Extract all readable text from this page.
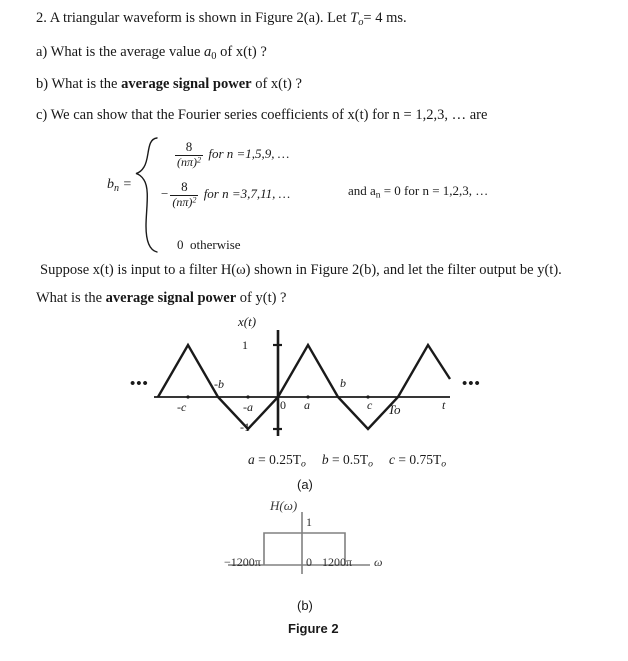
2. A triangular waveform is shown in Figure 2(a). Let $T_o= 4$ ms.
a) What is the average value $a_0$ of x(t) ?
b) What is the average signal power of x(t) ?
c) We can show that the Fourier series coefficients of x(t) for n = 1,2,3, … are
$b_n$ =
$\frac{8}{(n\pi)^2}$ for n =1,5,9, …
− $\frac{8}{(n\pi)^2}$ for n =3,7,11, …
0 otherwise
and $a_n = 0$ for n = 1,2,3, …
Suppose x(t) is input to a filter H(ω) shown in Figure 2(b), and let the filter output be y(t).
What is the average signal power of y(t) ?
x(t)
•••	•••
1
-1
-c
-b
-a 0 a
b
c To	t
$a = 0.25T_o$ $b = 0.5T_o$ $c = 0.75T_o$
(a)
H(ω)
1
0
−1200π	1200π ω
(b)
Figure 2
